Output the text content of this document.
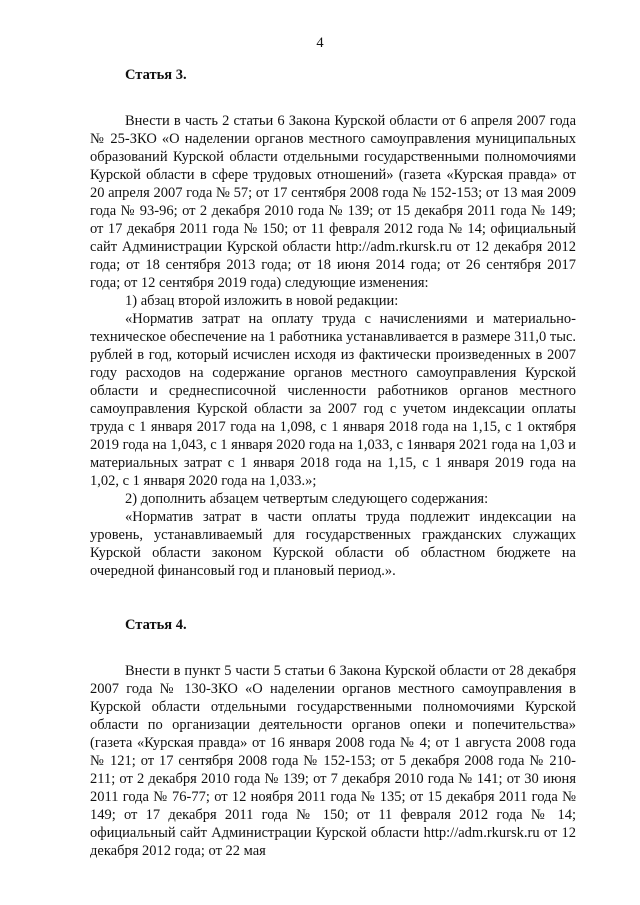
4
Статья 3.

Внести в часть 2 статьи 6 Закона Курской области от 6 апреля 2007 года № 25-ЗКО «О наделении органов местного самоуправления муниципальных образований Курской области отдельными государственными полномочиями Курской области в сфере трудовых отношений» (газета «Курская правда» от 20 апреля 2007 года № 57; от 17 сентября 2008 года № 152-153; от 13 мая 2009 года № 93-96; от 2 декабря 2010 года № 139; от 15 декабря 2011 года № 149; от 17 декабря 2011 года № 150; от 11 февраля 2012 года № 14; официальный сайт Администрации Курской области http://adm.rkursk.ru от 12 декабря 2012 года; от 18 сентября 2013 года; от 18 июня 2014 года; от 26 сентября 2017 года; от 12 сентября 2019 года) следующие изменения:

1) абзац второй изложить в новой редакции:

«Норматив затрат на оплату труда с начислениями и материально-техническое обеспечение на 1 работника устанавливается в размере 311,0 тыс. рублей в год, который исчислен исходя из фактически произведенных в 2007 году расходов на содержание органов местного самоуправления Курской области и среднесписочной численности работников органов местного самоуправления Курской области за 2007 год с учетом индексации оплаты труда с 1 января 2017 года на 1,098, с 1 января 2018 года на 1,15, с 1 октября 2019 года на 1,043, с 1 января 2020 года на 1,033, с 1января 2021 года на 1,03 и материальных затрат с 1 января 2018 года на 1,15, с 1 января 2019 года на 1,02, с 1 января 2020 года на 1,033.»;

2) дополнить абзацем четвертым следующего содержания:

«Норматив затрат в части оплаты труда подлежит индексации на уровень, устанавливаемый для государственных гражданских служащих Курской области законом Курской области об областном бюджете на очередной финансовый год и плановый период.».

Статья 4.

Внести в пункт 5 части 5 статьи 6 Закона Курской области от 28 декабря 2007 года № 130-ЗКО «О наделении органов местного самоуправления в Курской области отдельными государственными полномочиями Курской области по организации деятельности органов опеки и попечительства» (газета «Курская правда» от 16 января 2008 года № 4; от 1 августа 2008 года № 121; от 17 сентября 2008 года № 152-153; от 5 декабря 2008 года № 210-211; от 2 декабря 2010 года № 139; от 7 декабря 2010 года № 141; от 30 июня 2011 года № 76-77; от 12 ноября 2011 года № 135; от 15 декабря 2011 года № 149; от 17 декабря 2011 года № 150; от 11 февраля 2012 года № 14; официальный сайт Администрации Курской области http://adm.rkursk.ru от 12 декабря 2012 года; от 22 мая
